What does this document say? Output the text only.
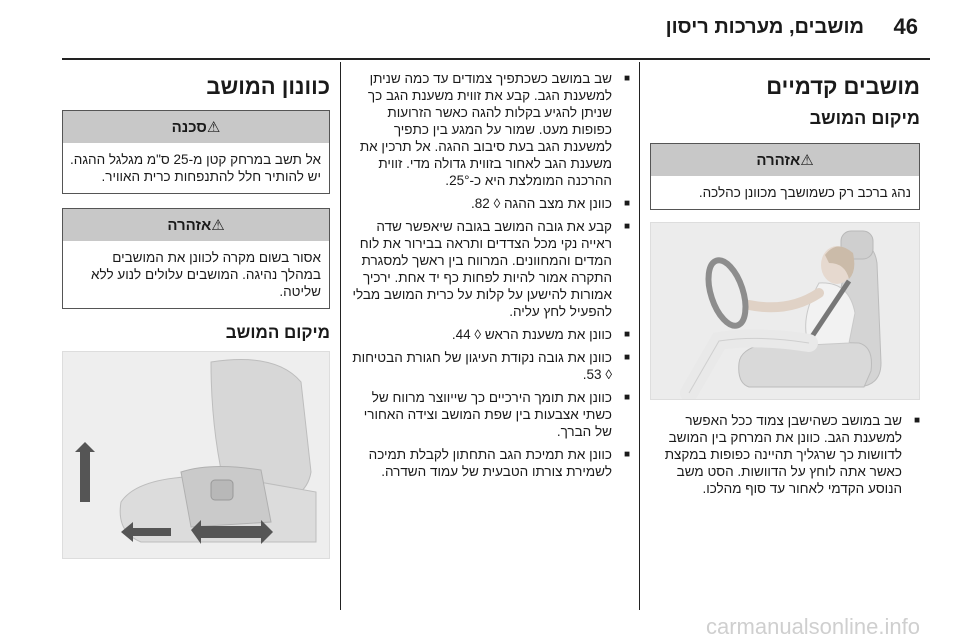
46
מושבים, מערכות ריסון
מושבים קדמיים
מיקום המושב
⚠אזהרה
נהג ברכב רק כשמושבך מכוונן כהלכה.
■ שב במושב כשהישבן צמוד ככל האפשר למשענת הגב. כוונן את המרחק בין המושב לדוושות כך שרגליך תהיינה כפופות במקצת כאשר אתה לוחץ על הדוושות. הסט משב הנוסע הקדמי לאחור עד סוף מהלכו.
■ שב במושב כשכתפיך צמודים עד כמה שניתן למשענת הגב. קבע את זווית משענת הגב כך שניתן להגיע בקלות להגה כאשר הזרועות כפופות מעט. שמור על המגע בין כתפיך למשענת הגב בעת סיבוב ההגה. אל תרכין את משענת הגב לאחור בזווית גדולה מדי. זווית ההרכנה המומלצת היא כ-25°.
■ כוונן את מצב ההגה ◊ 82.
■ קבע את גובה המושב בגובה שיאפשר שדה ראייה נקי מכל הצדדים ותראה בבירור את לוח המדים והמחוונים. המרווח בין ראשך למסגרת התקרה אמור להיות לפחות כף יד אחת. ירכיך אמורות להישען על קלות על כרית המושב מבלי להפעיל לחץ עליה.
■ כוונן את משענת הראש ◊ 44.
■ כוונן את גובה נקודת העיגון של חגורת הבטיחות ◊ 53.
■ כוונן את תומך הירכיים כך שייווצר מרווח של כשתי אצבעות בין שפת המושב וצידה האחורי של הברך.
■ כוונן את תמיכת הגב התחתון לקבלת תמיכה לשמירת צורתו הטבעית של עמוד השדרה.
כוונון המושב
⚠סכנה
אל תשב במרחק קטן מ-25 ס"מ מגלגל ההגה. יש להותיר חלל להתנפחות כרית האוויר.
⚠אזהרה
אסור בשום מקרה לכוונן את המושבים במהלך נהיגה. המושבים עלולים לנוע ללא שליטה.
מיקום המושב
carmanualsonline.info
